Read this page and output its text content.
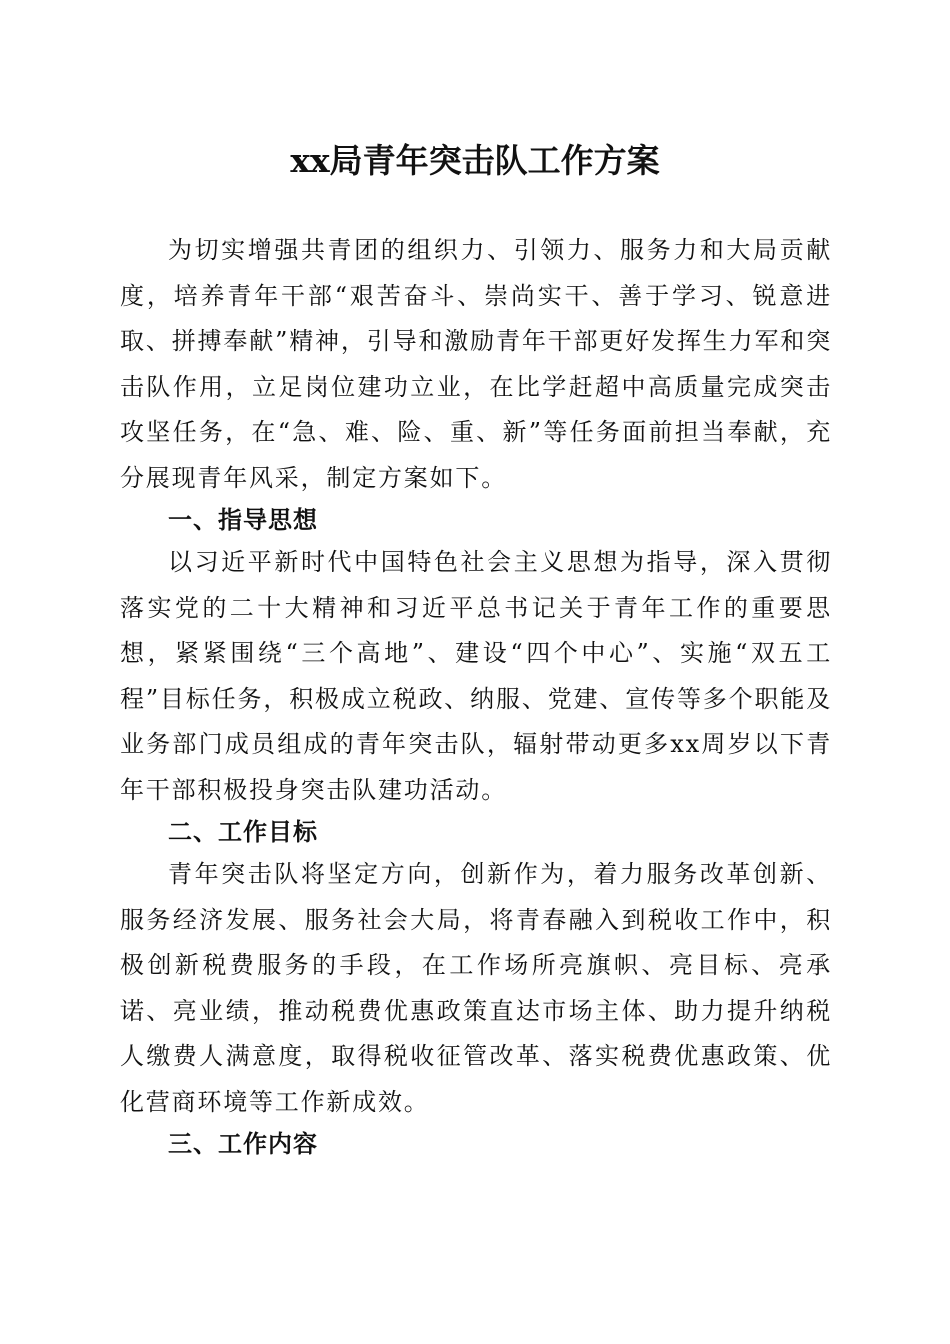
xx局青年突击队工作方案

为切实增强共青团的组织力、引领力、服务力和大局贡献度，培养青年干部“艰苦奋斗、崇尚实干、善于学习、锐意进取、拼搏奉献”精神，引导和激励青年干部更好发挥生力军和突击队作用，立足岗位建功立业，在比学赶超中高质量完成突击攻坚任务，在“急、难、险、重、新”等任务面前担当奉献，充分展现青年风采，制定方案如下。

一、指导思想

以习近平新时代中国特色社会主义思想为指导，深入贯彻落实党的二十大精神和习近平总书记关于青年工作的重要思想，紧紧围绕“三个高地”、建设“四个中心”、实施“双五工程”目标任务，积极成立税政、纳服、党建、宣传等多个职能及业务部门成员组成的青年突击队，辐射带动更多xx周岁以下青年干部积极投身突击队建功活动。

二、工作目标

青年突击队将坚定方向，创新作为，着力服务改革创新、服务经济发展、服务社会大局，将青春融入到税收工作中，积极创新税费服务的手段，在工作场所亮旗帜、亮目标、亮承诺、亮业绩，推动税费优惠政策直达市场主体、助力提升纳税人缴费人满意度，取得税收征管改革、落实税费优惠政策、优化营商环境等工作新成效。

三、工作内容
